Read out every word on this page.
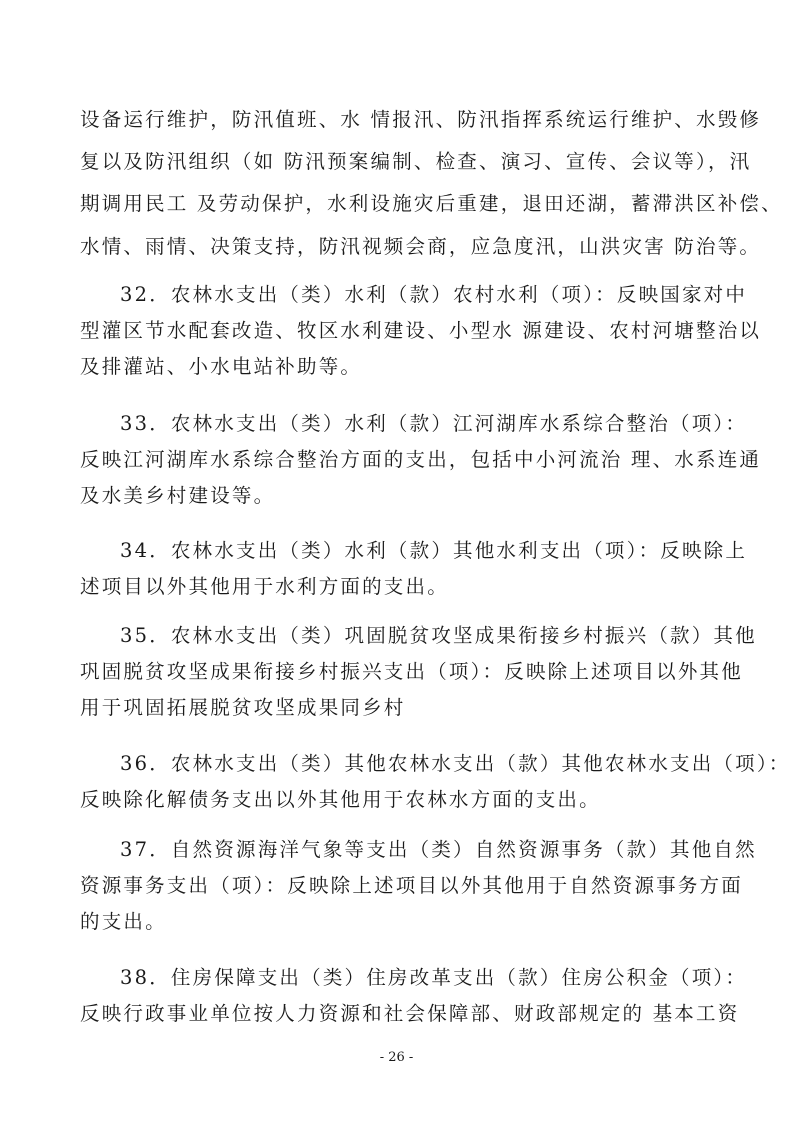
设备运行维护，防汛值班、水 情报汛、防汛指挥系统运行维护、水毁修
复以及防汛组织（如 防汛预案编制、检查、演习、宣传、会议等），汛
期调用民工 及劳动保护，水利设施灾后重建，退田还湖，蓄滞洪区补偿、
水情、雨情、决策支持，防汛视频会商，应急度汛，山洪灾害 防治等。
32．农林水支出（类）水利（款）农村水利（项）：反映国家对中
型灌区节水配套改造、牧区水利建设、小型水 源建设、农村河塘整治以
及排灌站、小水电站补助等。
33．农林水支出（类）水利（款）江河湖库水系综合整治（项）：
反映江河湖库水系综合整治方面的支出，包括中小河流治 理、水系连通
及水美乡村建设等。
34．农林水支出（类）水利（款）其他水利支出（项）：反映除上
述项目以外其他用于水利方面的支出。
35．农林水支出（类）巩固脱贫攻坚成果衔接乡村振兴（款）其他
巩固脱贫攻坚成果衔接乡村振兴支出（项）：反映除上述项目以外其他
用于巩固拓展脱贫攻坚成果同乡村
36．农林水支出（类）其他农林水支出（款）其他农林水支出（项）：
反映除化解债务支出以外其他用于农林水方面的支出。
37．自然资源海洋气象等支出（类）自然资源事务（款）其他自然
资源事务支出（项）：反映除上述项目以外其他用于自然资源事务方面
的支出。
38．住房保障支出（类）住房改革支出（款）住房公积金（项）：
反映行政事业单位按人力资源和社会保障部、财政部规定的 基本工资
- 26 -
